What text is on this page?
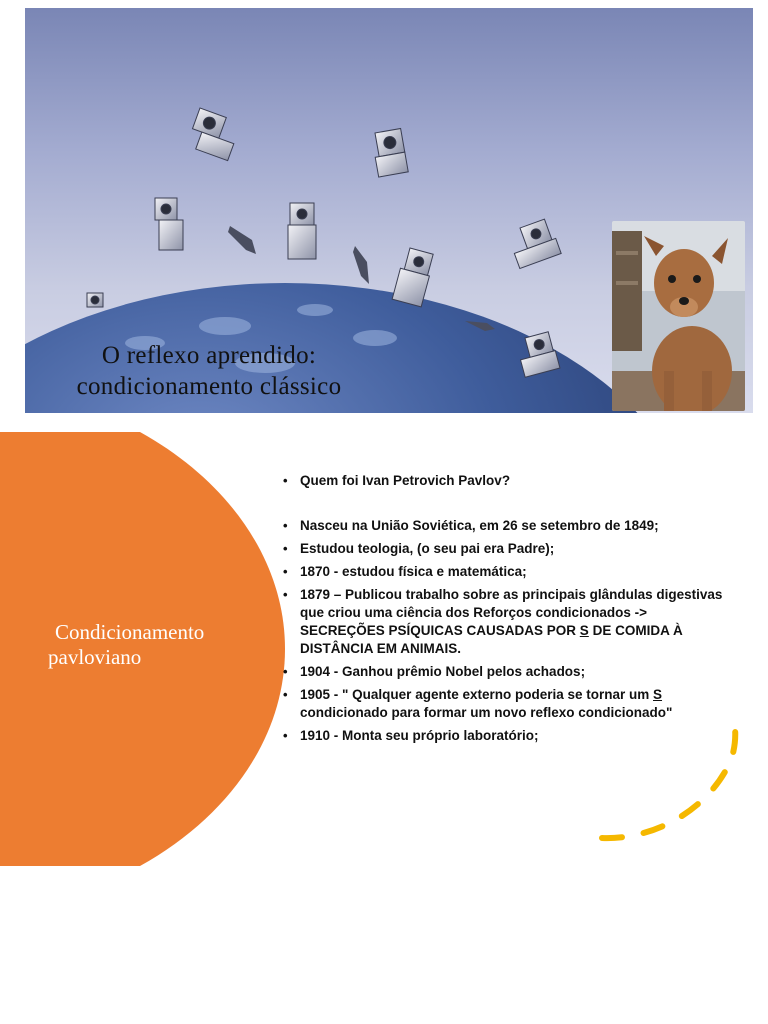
O reflexo aprendido:
condicionamento clássico
Condicionamento
pavloviano
• Quem foi Ivan Petrovich Pavlov?
• Nasceu na União Soviética, em 26 se setembro de 1849;
• Estudou teologia, (o seu pai era Padre);
• 1870 - estudou física e matemática;
• 1879 – Publicou trabalho sobre as principais glândulas digestivas que criou uma ciência dos Reforços condicionados -> SECREÇÕES PSÍQUICAS CAUSADAS POR S DE COMIDA À DISTÂNCIA EM ANIMAIS.
• 1904 - Ganhou prêmio Nobel pelos achados;
• 1905 - " Qualquer agente externo poderia se tornar um S condicionado para formar um novo reflexo condicionado"
• 1910 - Monta seu próprio laboratório;
